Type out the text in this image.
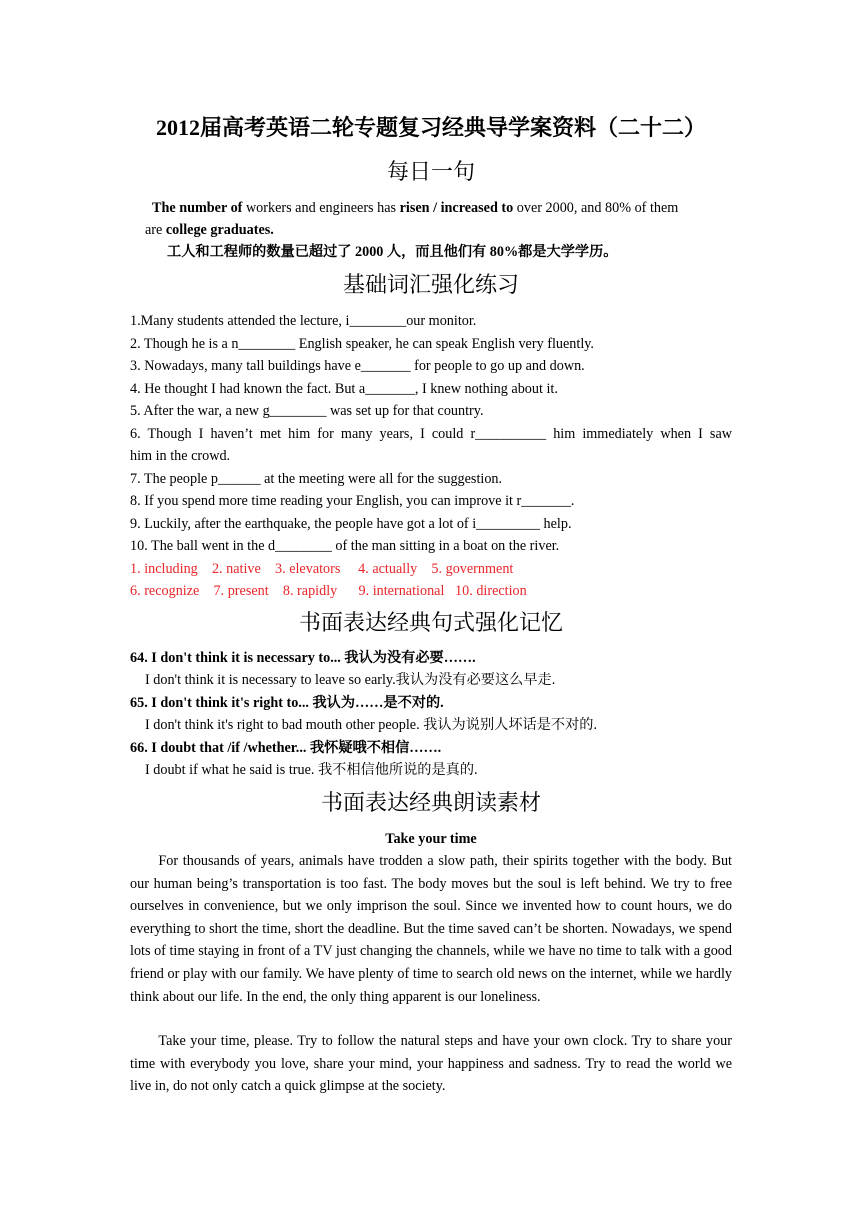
2012届高考英语二轮专题复习经典导学案资料（二十二）
每日一句
The number of workers and engineers has risen / increased to over 2000, and 80% of them
are college graduates.
工人和工程师的数量已超过了 2000 人，而且他们有 80%都是大学学历。
基础词汇强化练习
1.Many students attended the lecture, i________our monitor.
2. Though he is a n________ English speaker, he can speak English very fluently.
3. Nowadays, many tall buildings have e_______ for people to go up and down.
4. He thought I had known the fact. But a_______, I knew nothing about it.
5. After the war, a new g________ was set up for that country.
6. Though I haven’t met him for many years, I could r__________ him immediately when I saw
him in the crowd.
7. The people p______ at the meeting were all for the suggestion.
8. If you spend more time reading your English, you can improve it r_______.
9. Luckily, after the earthquake, the people have got a lot of i_________ help.
10. The ball went in the d________ of the man sitting in a boat on the river.
1. including    2. native    3. elevators     4. actually    5. government
6. recognize    7. present    8. rapidly      9. international   10. direction
书面表达经典句式强化记忆
64. I don't think it is necessary to... 我认为没有必要…….
I don't think it is necessary to leave so early.我认为没有必要这么早走.
65. I don't think it's right to... 我认为……是不对的.
I don't think it's right to bad mouth other people. 我认为说别人坏话是不对的.
66. I doubt that /if /whether... 我怀疑哦不相信…….
I doubt if what he said is true. 我不相信他所说的是真的.
书面表达经典朗读素材
Take your time
For thousands of years, animals have trodden a slow path, their spirits together with the body. But our human being’s transportation is too fast. The body moves but the soul is left behind. We try to free ourselves in convenience, but we only imprison the soul. Since we invented how to count hours, we do everything to short the time, short the deadline. But the time saved can’t be shorten. Nowadays, we spend lots of time staying in front of a TV just changing the channels, while we have no time to talk with a good friend or play with our family. We have plenty of time to search old news on the internet, while we hardly think about our life. In the end, the only thing apparent is our loneliness.
Take your time, please. Try to follow the natural steps and have your own clock. Try to share your time with everybody you love, share your mind, your happiness and sadness. Try to read the world we live in, do not only catch a quick glimpse at the society.
